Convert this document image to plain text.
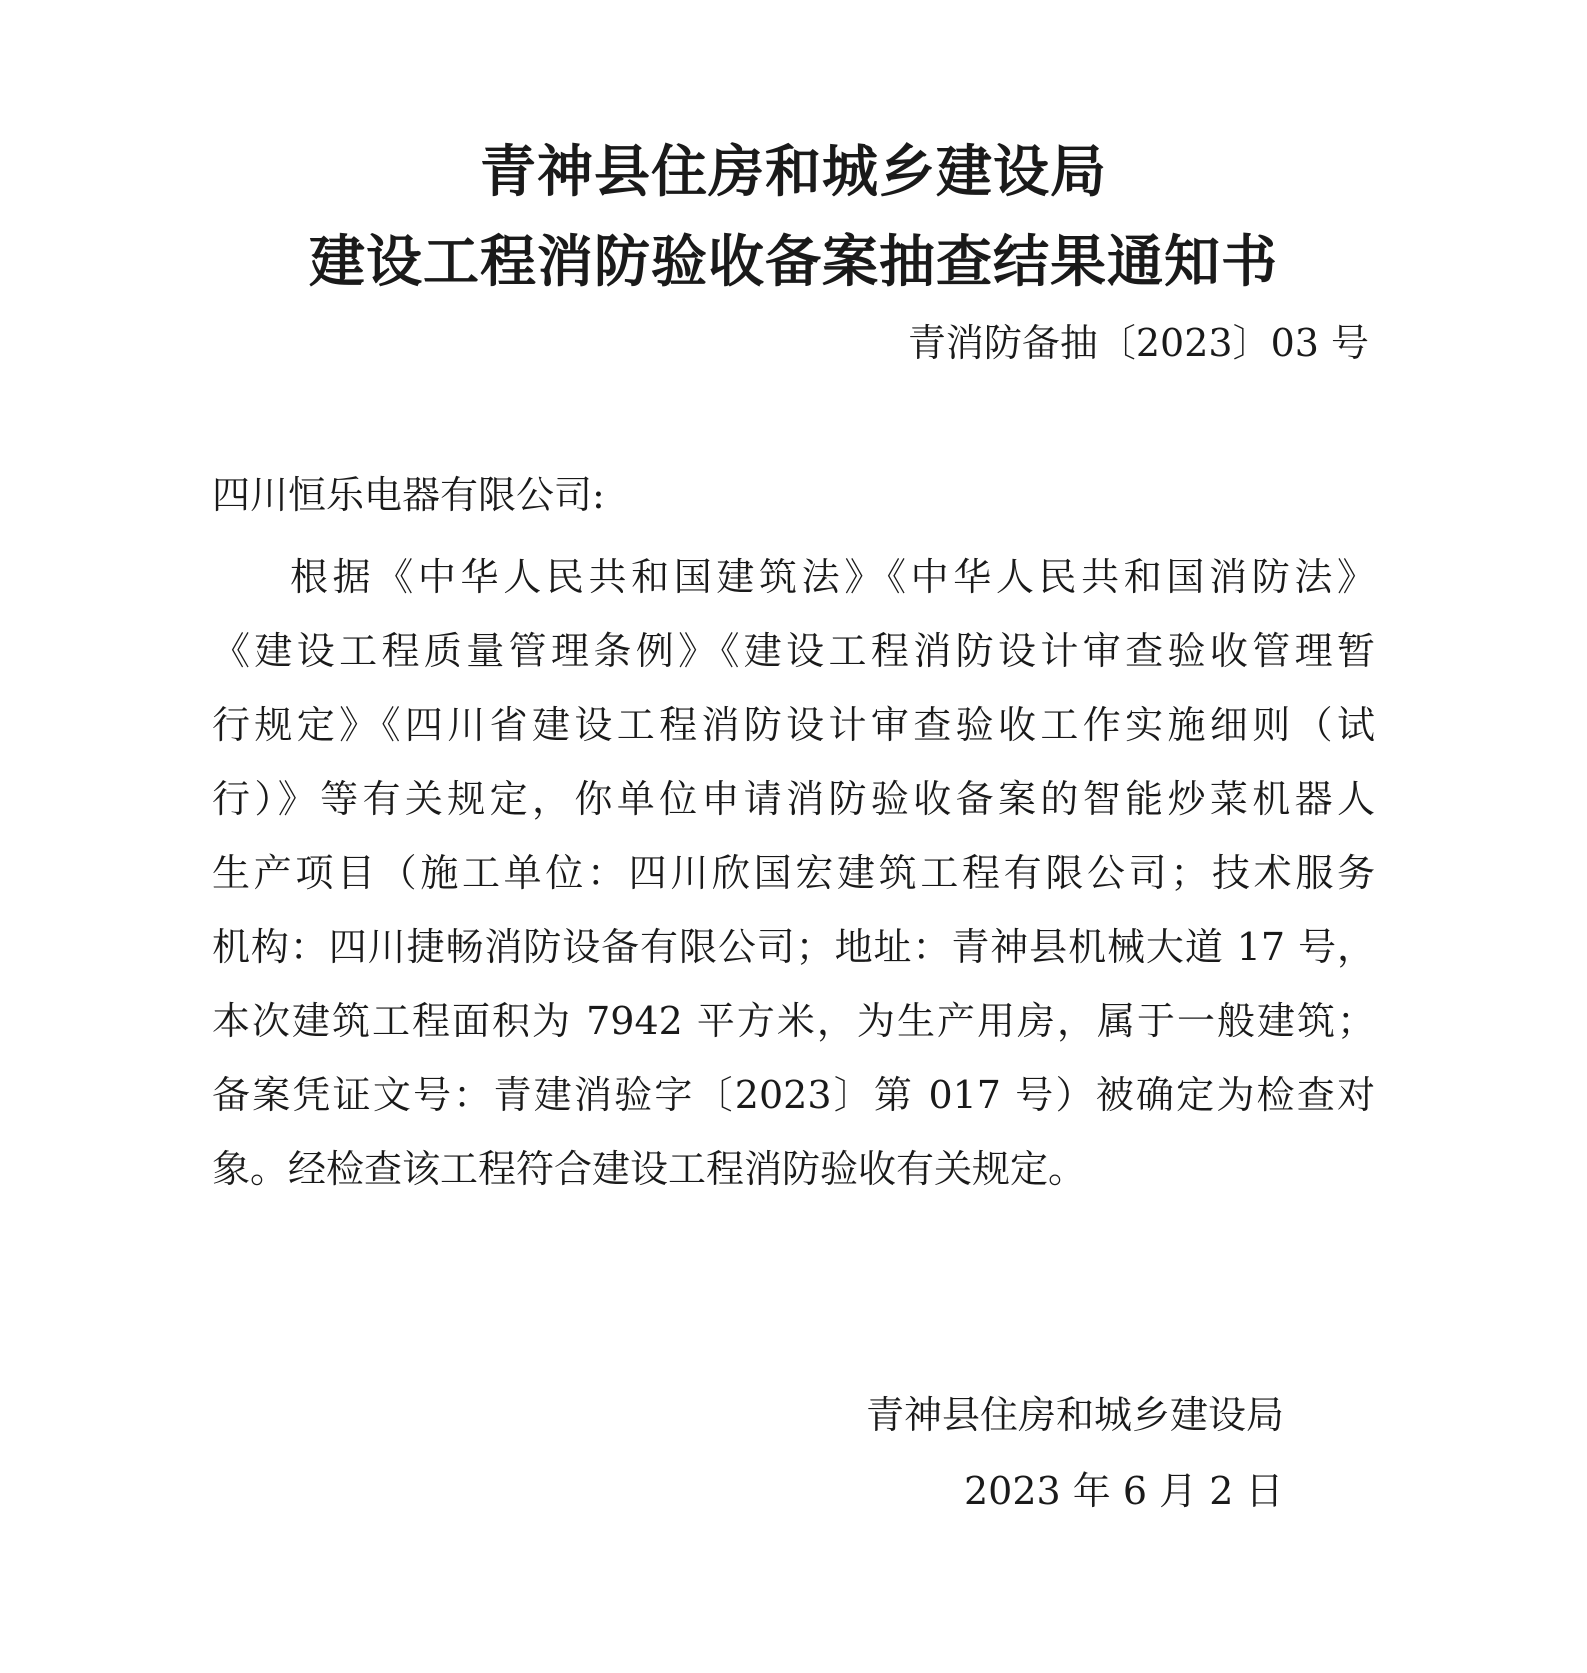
青神县住房和城乡建设局
建设工程消防验收备案抽查结果通知书
青消防备抽〔2023〕03 号
四川恒乐电器有限公司:
根据《中华人民共和国建筑法》《中华人民共和国消防法》
《建设工程质量管理条例》《建设工程消防设计审查验收管理暂
行规定》《四川省建设工程消防设计审查验收工作实施细则（试
行）》等有关规定，你单位申请消防验收备案的智能炒菜机器人
生产项目（施工单位：四川欣国宏建筑工程有限公司；技术服务
机构：四川捷畅消防设备有限公司；地址：青神县机械大道 17 号，
本次建筑工程面积为 7942 平方米，为生产用房，属于一般建筑；
备案凭证文号：青建消验字〔2023〕第 017 号）被确定为检查对
象。经检查该工程符合建设工程消防验收有关规定。
青神县住房和城乡建设局
2023 年 6 月 2 日
